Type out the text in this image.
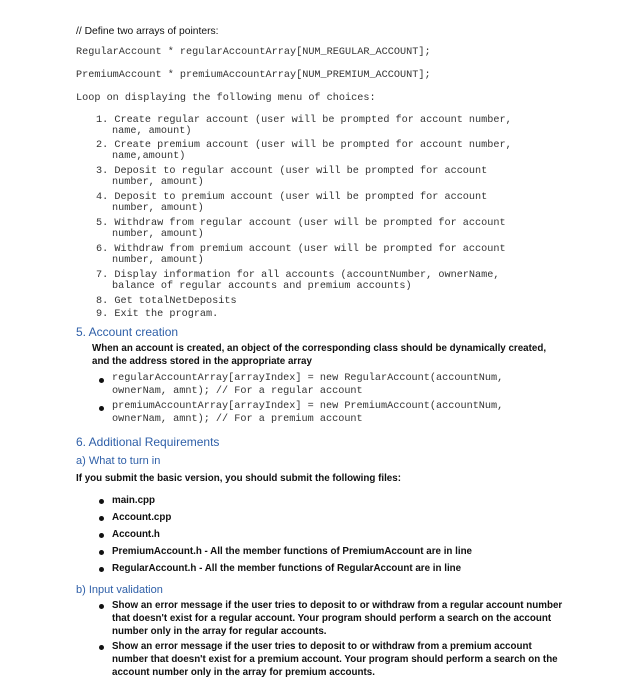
// Define two arrays of pointers:
RegularAccount * regularAccountArray[NUM_REGULAR_ACCOUNT];
PremiumAccount * premiumAccountArray[NUM_PREMIUM_ACCOUNT];
Loop on displaying the following menu of choices:
1. Create regular account (user will be prompted for account number,
name, amount)
2. Create premium account (user will be prompted for account number,
name,amount)
3. Deposit to regular account (user will be prompted for account
number, amount)
4. Deposit to premium account (user will be prompted for account
number, amount)
5. Withdraw from regular account (user will be prompted for account
number, amount)
6. Withdraw from premium account (user will be prompted for account
number, amount)
7. Display information for all accounts (accountNumber, ownerName,
balance of regular accounts and premium accounts)
8. Get totalNetDeposits
9. Exit the program.
5. Account creation
When an account is created, an object of the corresponding class should be dynamically created,
and the address stored in the appropriate array
regularAccountArray[arrayIndex] = new RegularAccount(accountNum,
ownerNam, amnt); // For a regular account
premiumAccountArray[arrayIndex] = new PremiumAccount(accountNum,
ownerNam, amnt); // For a premium account
6. Additional Requirements
a) What to turn in
If you submit the basic version, you should submit the following files:
main.cpp
Account.cpp
Account.h
PremiumAccount.h - All the member functions of PremiumAccount are in line
RegularAccount.h - All the member functions of RegularAccount are in line
b) Input validation
Show an error message if the user tries to deposit to or withdraw from a regular account number
that doesn't exist for a regular account. Your program should perform a search on the account
number only in the array for regular accounts.
Show an error message if the user tries to deposit to or withdraw from a premium account
number that doesn't exist for a premium account. Your program should perform a search on the
account number only in the array for premium accounts.
